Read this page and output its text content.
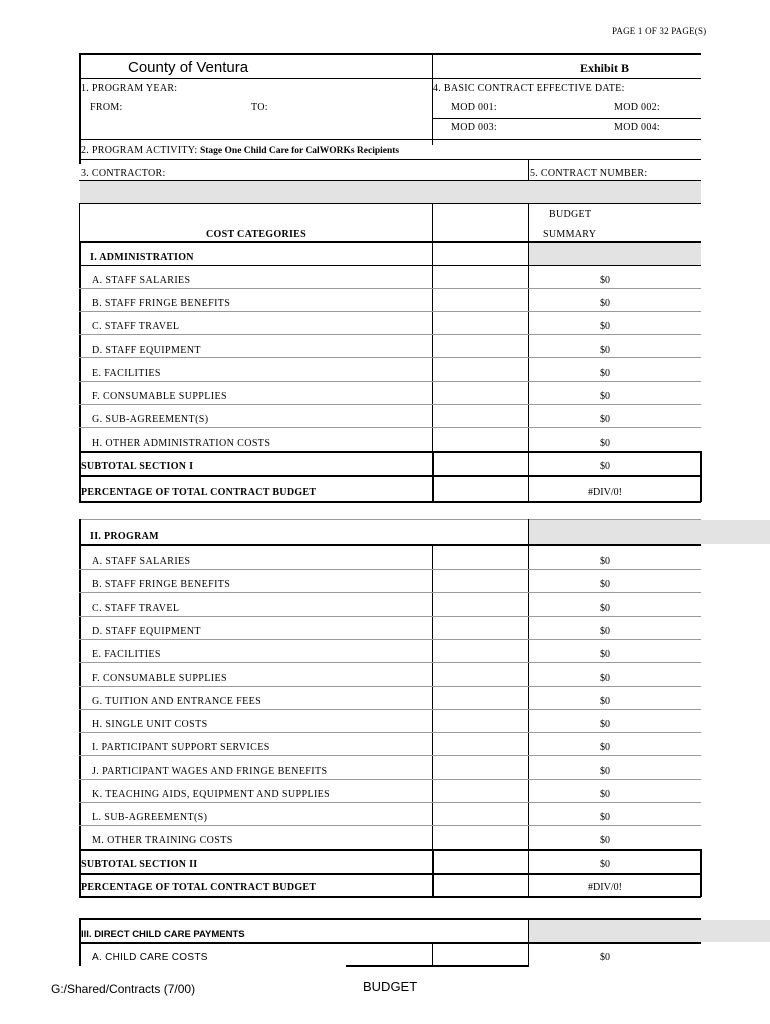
PAGE 1 OF 32 PAGE(S)
County of Ventura	Exhibit B
1. PROGRAM YEAR:
FROM:	TO:
4. BASIC CONTRACT EFFECTIVE DATE:
MOD 001:	MOD 002:
MOD 003:	MOD 004:
2. PROGRAM ACTIVITY: Stage One Child Care for CalWORKs Recipients
3. CONTRACTOR:	5. CONTRACT NUMBER:
COST CATEGORIES
BUDGET
SUMMARY
I. ADMINISTRATION
A. STAFF SALARIES	$0
B. STAFF FRINGE BENEFITS	$0
C. STAFF TRAVEL	$0
D. STAFF EQUIPMENT	$0
E. FACILITIES	$0
F. CONSUMABLE SUPPLIES	$0
G. SUB-AGREEMENT(S)	$0
H. OTHER ADMINISTRATION COSTS	$0
SUBTOTAL SECTION I	$0
PERCENTAGE OF TOTAL CONTRACT BUDGET	#DIV/0!
II. PROGRAM
A. STAFF SALARIES	$0
B. STAFF FRINGE BENEFITS	$0
C. STAFF TRAVEL	$0
D. STAFF EQUIPMENT	$0
E. FACILITIES	$0
F. CONSUMABLE SUPPLIES	$0
G. TUITION AND ENTRANCE FEES	$0
H. SINGLE UNIT COSTS	$0
I. PARTICIPANT SUPPORT SERVICES	$0
J. PARTICIPANT WAGES AND FRINGE BENEFITS	$0
K. TEACHING AIDS, EQUIPMENT AND SUPPLIES	$0
L. SUB-AGREEMENT(S)	$0
M. OTHER TRAINING COSTS	$0
SUBTOTAL SECTION II	$0
PERCENTAGE OF TOTAL CONTRACT BUDGET	#DIV/0!
III. DIRECT CHILD CARE PAYMENTS
A. CHILD CARE COSTS	$0
G:/Shared/Contracts (7/00)	BUDGET
